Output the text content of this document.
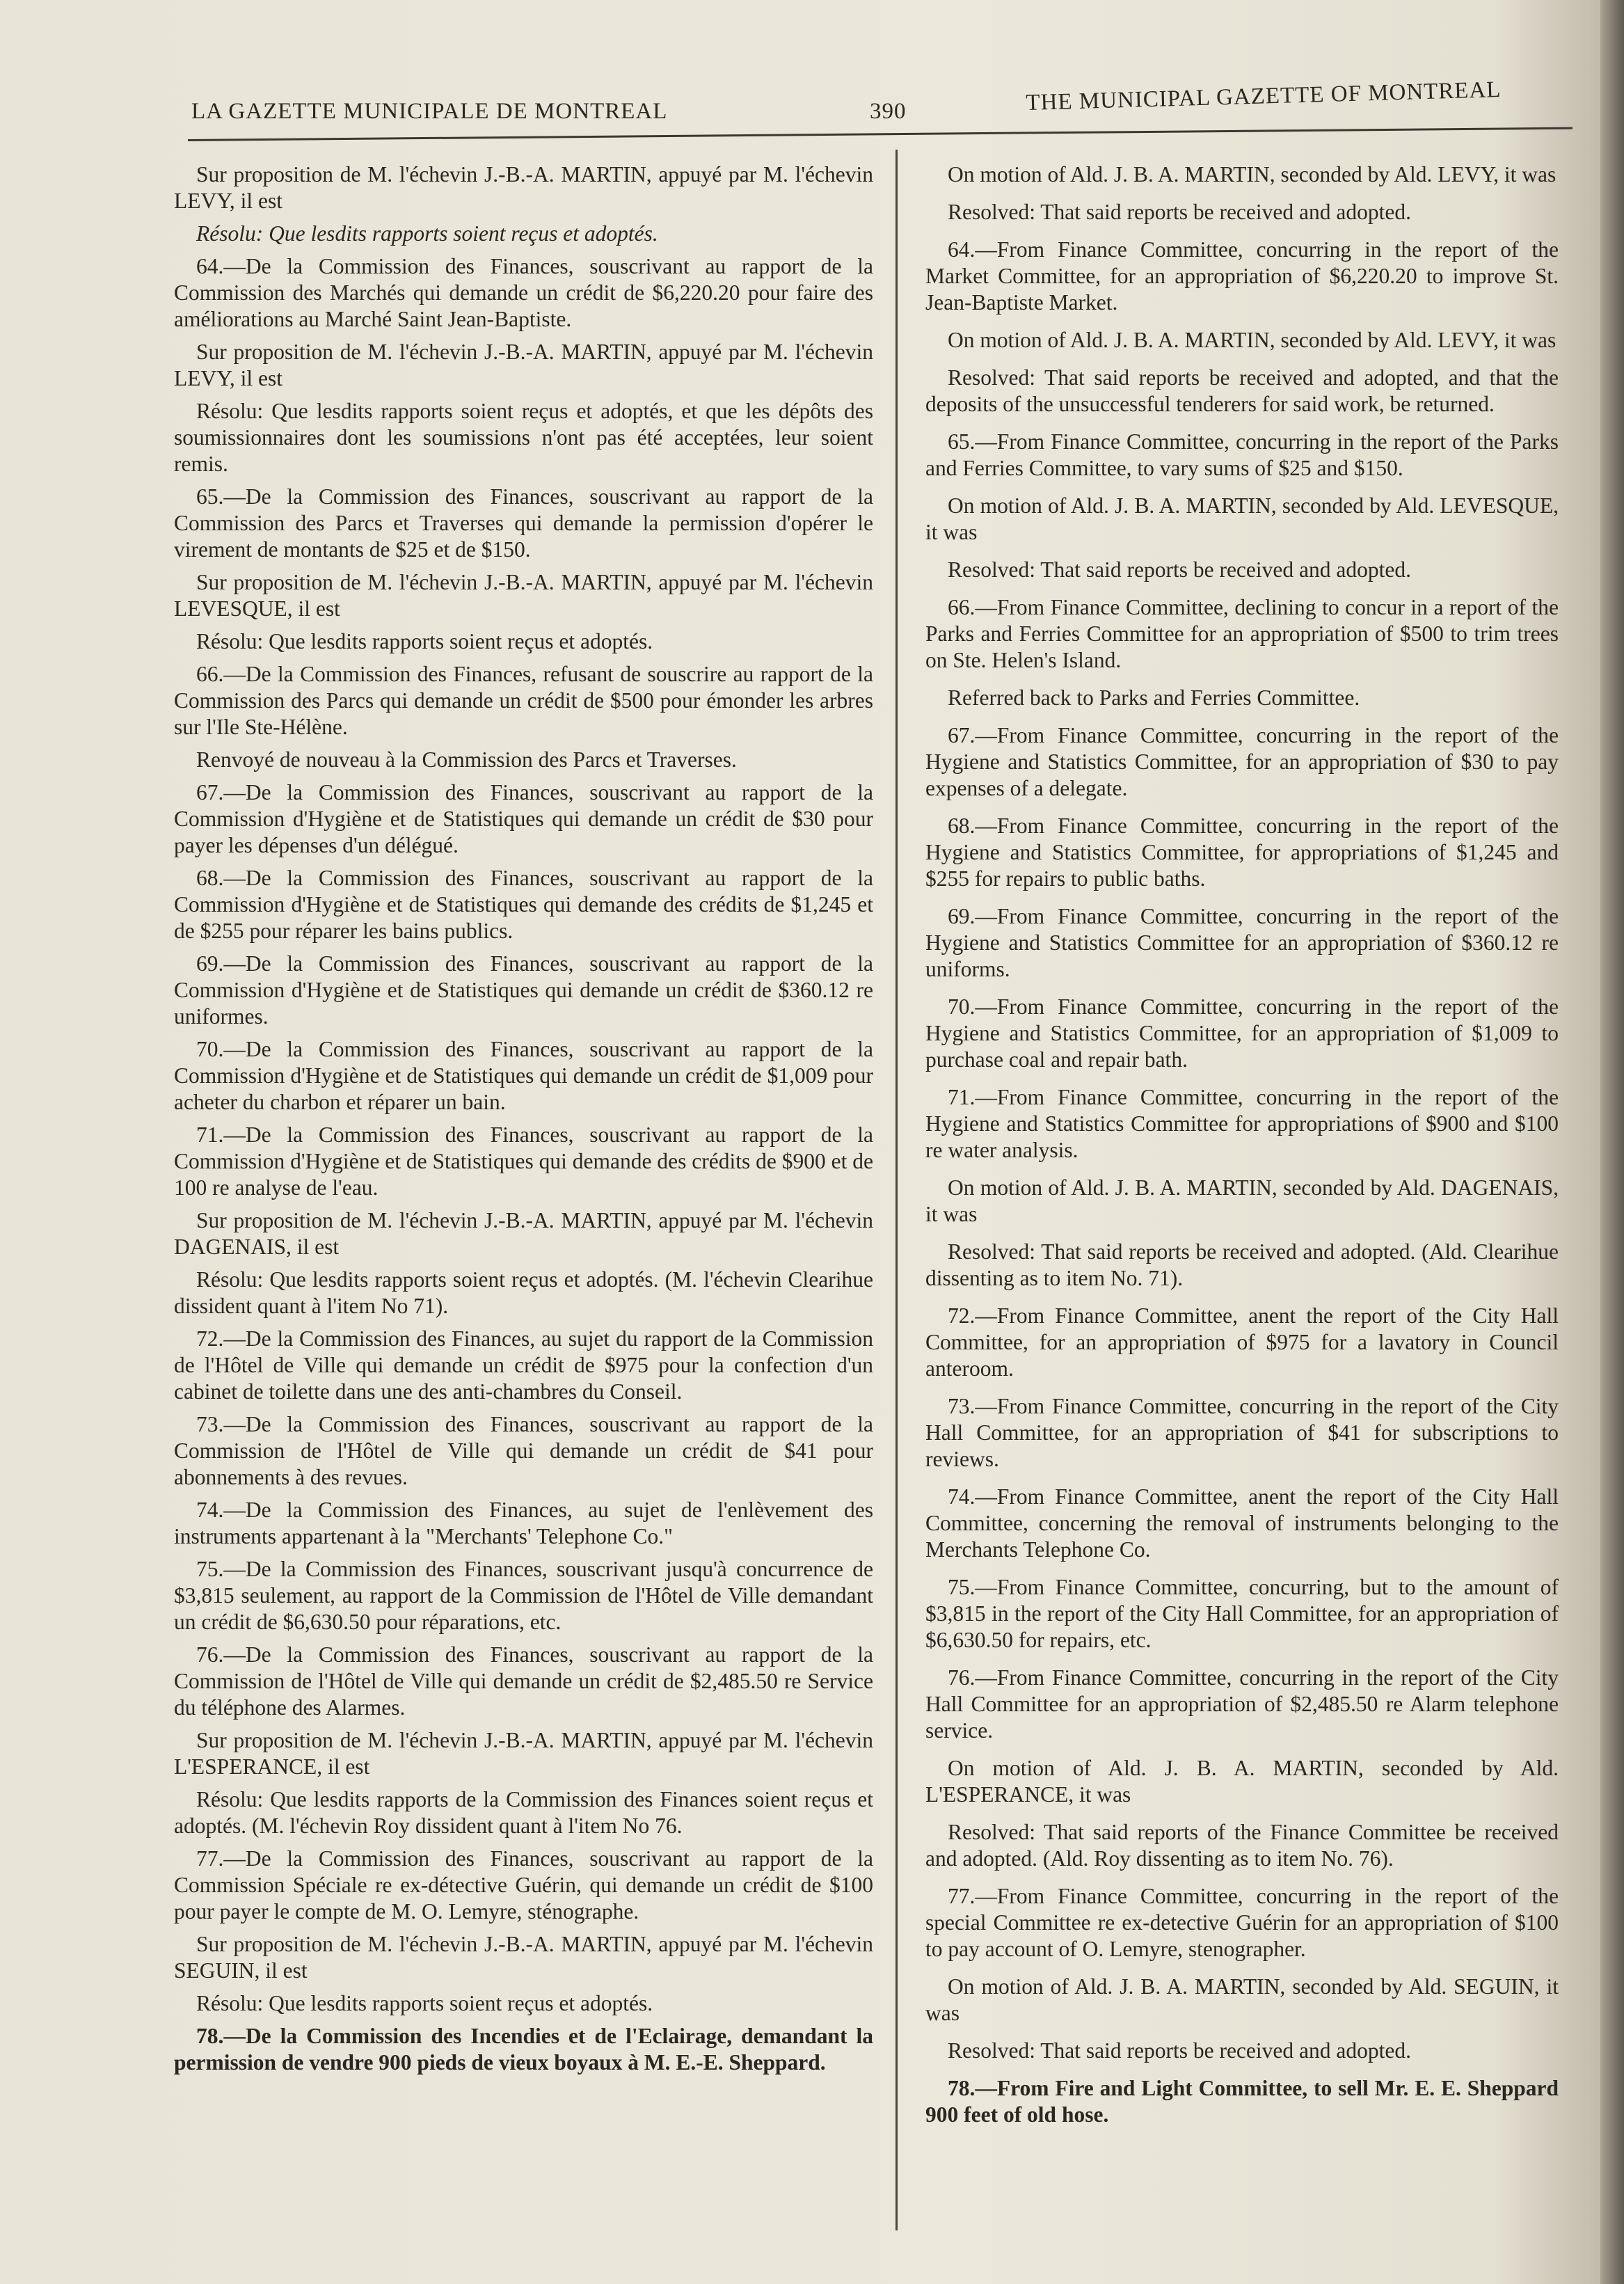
LA GAZETTE MUNICIPALE DE MONTREAL	390	THE MUNICIPAL GAZETTE OF MONTREAL

Sur proposition de M. l'échevin J.-B.-A. MARTIN, appuyé par M. l'échevin LEVY, il est

Résolu: Que lesdits rapports soient reçus et adoptés.

64.—De la Commission des Finances, souscrivant au rapport de la Commission des Marchés qui demande un crédit de $6,220.20 pour faire des améliorations au Marché Saint Jean-Baptiste.

Sur proposition de M. l'échevin J.-B.-A. MARTIN, appuyé par M. l'échevin LEVY, il est

Résolu: Que lesdits rapports soient reçus et adoptés, et que les dépôts des soumissionnaires dont les soumissions n'ont pas été acceptées, leur soient remis.

65.—De la Commission des Finances, souscrivant au rapport de la Commission des Parcs et Traverses qui demande la permission d'opérer le virement de montants de $25 et de $150.

Sur proposition de M. l'échevin J.-B.-A. MARTIN, appuyé par M. l'échevin LEVESQUE, il est

Résolu: Que lesdits rapports soient reçus et adoptés.

66.—De la Commission des Finances, refusant de souscrire au rapport de la Commission des Parcs qui demande un crédit de $500 pour émonder les arbres sur l'Ile Ste-Hélène.

Renvoyé de nouveau à la Commission des Parcs et Traverses.

67.—De la Commission des Finances, souscrivant au rapport de la Commission d'Hygiène et de Statistiques qui demande un crédit de $30 pour payer les dépenses d'un délégué.

68.—De la Commission des Finances, souscrivant au rapport de la Commission d'Hygiène et de Statistiques qui demande des crédits de $1,245 et de $255 pour réparer les bains publics.

69.—De la Commission des Finances, souscrivant au rapport de la Commission d'Hygiène et de Statistiques qui demande un crédit de $360.12 re uniformes.

70.—De la Commission des Finances, souscrivant au rapport de la Commission d'Hygiène et de Statistiques qui demande un crédit de $1,009 pour acheter du charbon et réparer un bain.

71.—De la Commission des Finances, souscrivant au rapport de la Commission d'Hygiène et de Statistiques qui demande des crédits de $900 et de 100 re analyse de l'eau.

Sur proposition de M. l'échevin J.-B.-A. MARTIN, appuyé par M. l'échevin DAGENAIS, il est

Résolu: Que lesdits rapports soient reçus et adoptés. (M. l'échevin Clearihue dissident quant à l'item No 71).

72.—De la Commission des Finances, au sujet du rapport de la Commission de l'Hôtel de Ville qui demande un crédit de $975 pour la confection d'un cabinet de toilette dans une des anti-chambres du Conseil.

73.—De la Commission des Finances, souscrivant au rapport de la Commission de l'Hôtel de Ville qui demande un crédit de $41 pour abonnements à des revues.

74.—De la Commission des Finances, au sujet de l'enlèvement des instruments appartenant à la "Merchants' Telephone Co."

75.—De la Commission des Finances, souscrivant jusqu'à concurrence de $3,815 seulement, au rapport de la Commission de l'Hôtel de Ville demandant un crédit de $6,630.50 pour réparations, etc.

76.—De la Commission des Finances, souscrivant au rapport de la Commission de l'Hôtel de Ville qui demande un crédit de $2,485.50 re Service du téléphone des Alarmes.

Sur proposition de M. l'échevin J.-B.-A. MARTIN, appuyé par M. l'échevin L'ESPERANCE, il est

Résolu: Que lesdits rapports de la Commission des Finances soient reçus et adoptés. (M. l'échevin Roy dissident quant à l'item No 76.

77.—De la Commission des Finances, souscrivant au rapport de la Commission Spéciale re ex-détective Guérin, qui demande un crédit de $100 pour payer le compte de M. O. Lemyre, sténographe.

Sur proposition de M. l'échevin J.-B.-A. MARTIN, appuyé par M. l'échevin SEGUIN, il est

Résolu: Que lesdits rapports soient reçus et adoptés.

78.—De la Commission des Incendies et de l'Eclairage, demandant la permission de vendre 900 pieds de vieux boyaux à M. E.-E. Sheppard.

On motion of Ald. J. B. A. MARTIN, seconded by Ald. LEVY, it was

Resolved: That said reports be received and adopted.

64.—From Finance Committee, concurring in the report of the Market Committee, for an appropriation of $6,220.20 to improve St. Jean-Baptiste Market.

On motion of Ald. J. B. A. MARTIN, seconded by Ald. LEVY, it was

Resolved: That said reports be received and adopted, and that the deposits of the unsuccessful tenderers for said work, be returned.

65.—From Finance Committee, concurring in the report of the Parks and Ferries Committee, to vary sums of $25 and $150.

On motion of Ald. J. B. A. MARTIN, seconded by Ald. LEVESQUE, it was

Resolved: That said reports be received and adopted.

66.—From Finance Committee, declining to concur in a report of the Parks and Ferries Committee for an appropriation of $500 to trim trees on Ste. Helen's Island.

Referred back to Parks and Ferries Committee.

67.—From Finance Committee, concurring in the report of the Hygiene and Statistics Committee, for an appropriation of $30 to pay expenses of a delegate.

68.—From Finance Committee, concurring in the report of the Hygiene and Statistics Committee, for appropriations of $1,245 and $255 for repairs to public baths.

69.—From Finance Committee, concurring in the report of the Hygiene and Statistics Committee for an appropriation of $360.12 re uniforms.

70.—From Finance Committee, concurring in the report of the Hygiene and Statistics Committee, for an appropriation of $1,009 to purchase coal and repair bath.

71.—From Finance Committee, concurring in the report of the Hygiene and Statistics Committee for appropriations of $900 and $100 re water analysis.

On motion of Ald. J. B. A. MARTIN, seconded by Ald. DAGENAIS, it was

Resolved: That said reports be received and adopted. (Ald. Clearihue dissenting as to item No. 71).

72.—From Finance Committee, anent the report of the City Hall Committee, for an appropriation of $975 for a lavatory in Council anteroom.

73.—From Finance Committee, concurring in the report of the City Hall Committee, for an appropriation of $41 for subscriptions to reviews.

74.—From Finance Committee, anent the report of the City Hall Committee, concerning the removal of instruments belonging to the Merchants Telephone Co.

75.—From Finance Committee, concurring, but to the amount of $3,815 in the report of the City Hall Committee, for an appropriation of $6,630.50 for repairs, etc.

76.—From Finance Committee, concurring in the report of the City Hall Committee for an appropriation of $2,485.50 re Alarm telephone service.

On motion of Ald. J. B. A. MARTIN, seconded by Ald. L'ESPERANCE, it was

Resolved: That said reports of the Finance Committee be received and adopted. (Ald. Roy dissenting as to item No. 76).

77.—From Finance Committee, concurring in the report of the special Committee re ex-detective Guérin for an appropriation of $100 to pay account of O. Lemyre, stenographer.

On motion of Ald. J. B. A. MARTIN, seconded by Ald. SEGUIN, it was

Resolved: That said reports be received and adopted.

78.—From Fire and Light Committee, to sell Mr. E. E. Sheppard 900 feet of old hose.
